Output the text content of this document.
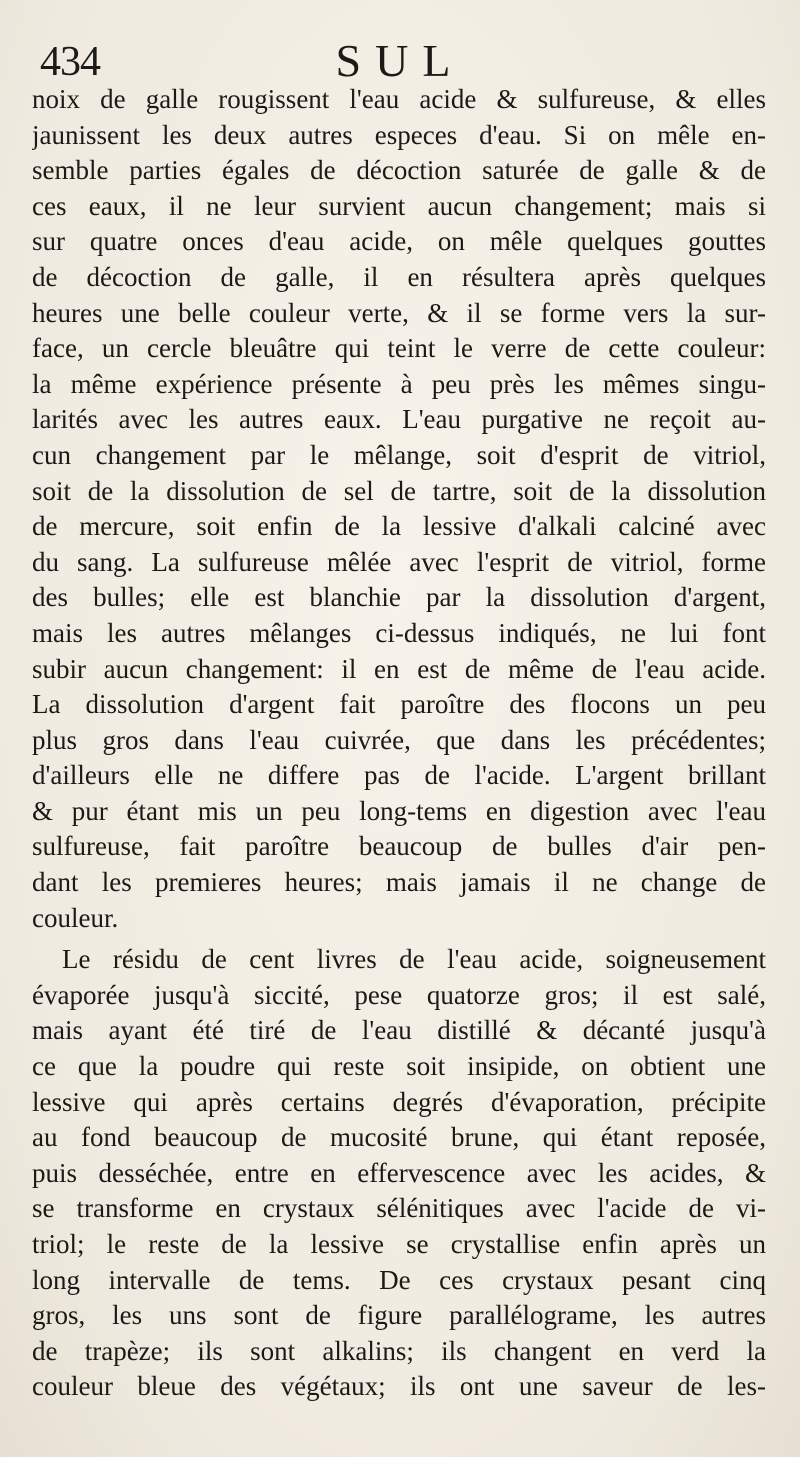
434	SUL
noix de galle rougissent l'eau acide & sulfureuse, & elles
jaunissent les deux autres especes d'eau. Si on mêle en-
semble parties égales de décoction saturée de galle & de
ces eaux, il ne leur survient aucun changement; mais si
sur quatre onces d'eau acide, on mêle quelques gouttes
de décoction de galle, il en résultera après quelques
heures une belle couleur verte, & il se forme vers la sur-
face, un cercle bleuâtre qui teint le verre de cette couleur:
la même expérience présente à peu près les mêmes singu-
larités avec les autres eaux. L'eau purgative ne reçoit au-
cun changement par le mêlange, soit d'esprit de vitriol,
soit de la dissolution de sel de tartre, soit de la dissolution
de mercure, soit enfin de la lessive d'alkali calciné avec
du sang. La sulfureuse mêlée avec l'esprit de vitriol, forme
des bulles; elle est blanchie par la dissolution d'argent,
mais les autres mêlanges ci-dessus indiqués, ne lui font
subir aucun changement: il en est de même de l'eau acide.
La dissolution d'argent fait paroître des flocons un peu
plus gros dans l'eau cuivrée, que dans les précédentes;
d'ailleurs elle ne differe pas de l'acide. L'argent brillant
& pur étant mis un peu long-tems en digestion avec l'eau
sulfureuse, fait paroître beaucoup de bulles d'air pen-
dant les premieres heures; mais jamais il ne change de
couleur.
Le résidu de cent livres de l'eau acide, soigneusement
évaporée jusqu'à siccité, pese quatorze gros; il est salé,
mais ayant été tiré de l'eau distillé & décanté jusqu'à
ce que la poudre qui reste soit insipide, on obtient une
lessive qui après certains degrés d'évaporation, précipite
au fond beaucoup de mucosité brune, qui étant reposée,
puis desséchée, entre en effervescence avec les acides, &
se transforme en crystaux sélénitiques avec l'acide de vi-
triol; le reste de la lessive se crystallise enfin après un
long intervalle de tems. De ces crystaux pesant cinq
gros, les uns sont de figure parallélograme, les autres
de trapèze; ils sont alkalins; ils changent en verd la
couleur bleue des végétaux; ils ont une saveur de les-
